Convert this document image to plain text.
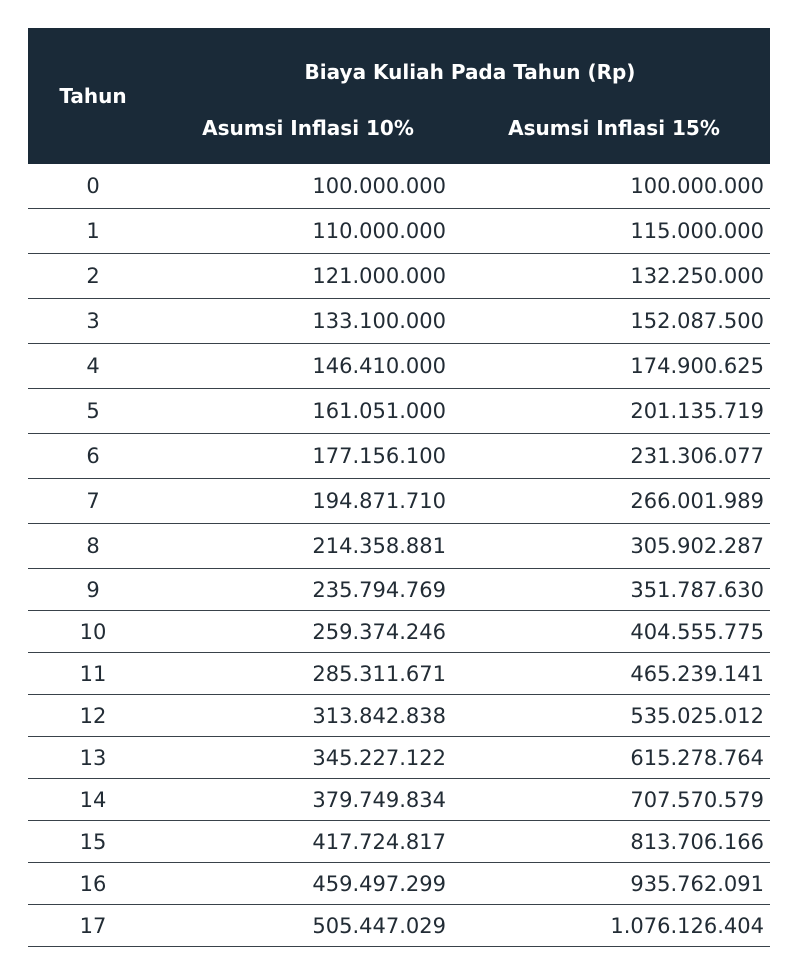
Tahun	Biaya Kuliah Pada Tahun (Rp)	
	Asumsi Inflasi 10%	Asumsi Inflasi 15%
0	100.000.000	100.000.000
1	110.000.000	115.000.000
2	121.000.000	132.250.000
3	133.100.000	152.087.500
4	146.410.000	174.900.625
5	161.051.000	201.135.719
6	177.156.100	231.306.077
7	194.871.710	266.001.989
8	214.358.881	305.902.287
9	235.794.769	351.787.630
10	259.374.246	404.555.775
11	285.311.671	465.239.141
12	313.842.838	535.025.012
13	345.227.122	615.278.764
14	379.749.834	707.570.579
15	417.724.817	813.706.166
16	459.497.299	935.762.091
17	505.447.029	1.076.126.404
